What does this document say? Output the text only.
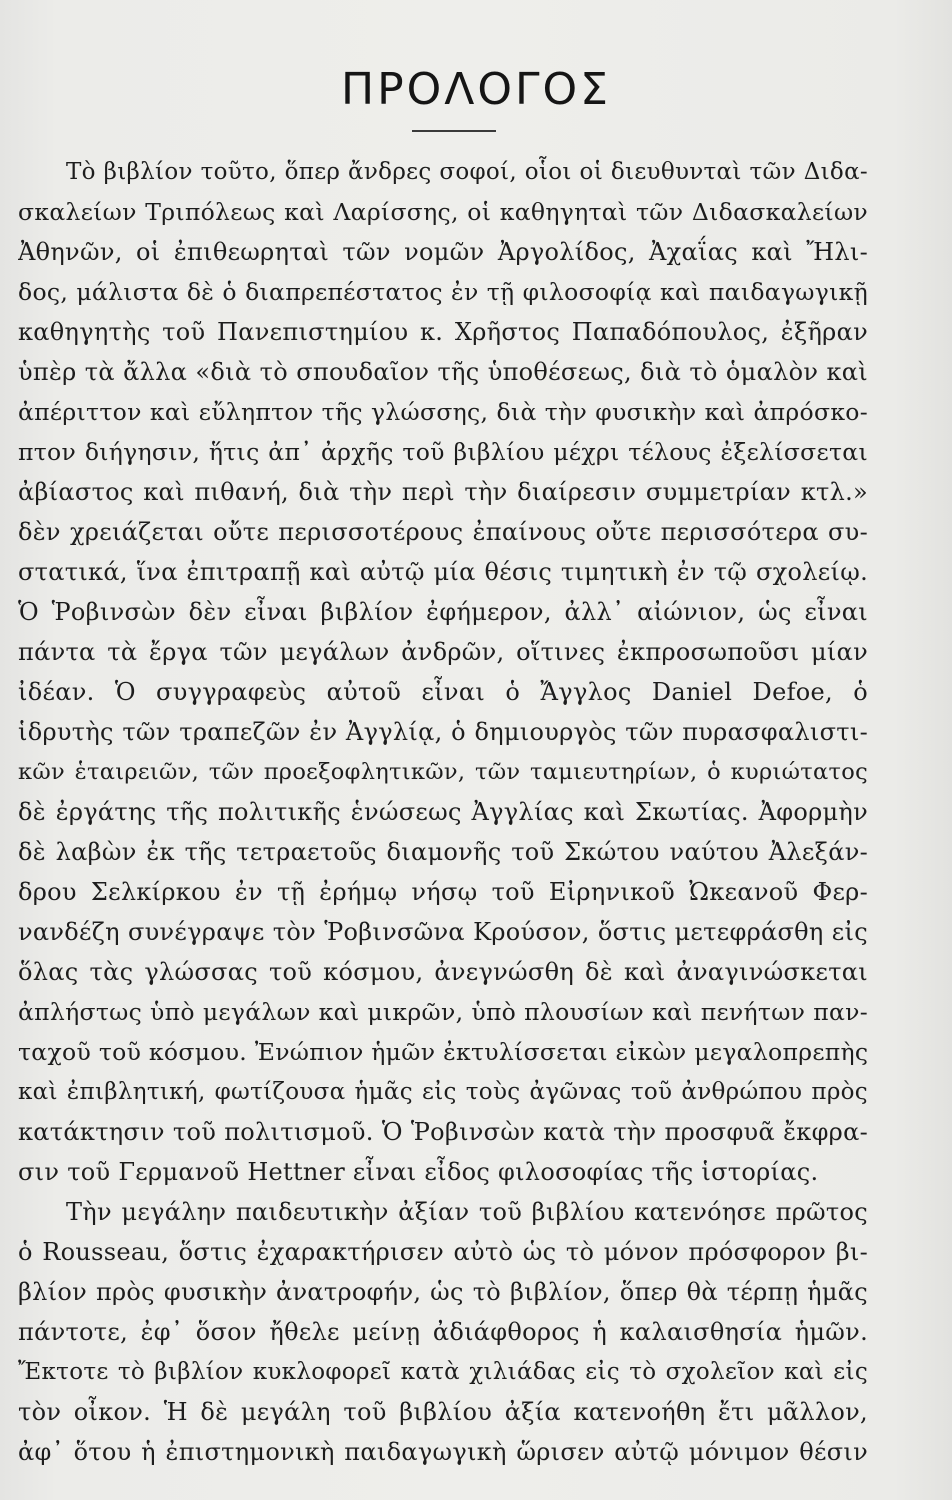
ΠΡΟΛΟΓΟΣ
Τὸ βιβλίον τοῦτο, ὅπερ ἄνδρες σοφοί, οἷοι οἱ διευθυνταὶ τῶν Διδα-
σκαλείων Τριπόλεως καὶ Λαρίσσης, οἱ καθηγηταὶ τῶν Διδασκαλείων
Ἀθηνῶν, οἱ ἐπιθεωρηταὶ τῶν νομῶν Ἀργολίδος, Ἀχαΐας καὶ Ἤλι-
δος, μάλιστα δὲ ὁ διαπρεπέστατος ἐν τῇ φιλοσοφίᾳ καὶ παιδαγωγικῇ
καθηγητὴς τοῦ Πανεπιστημίου κ. Χρῆστος Παπαδόπουλος, ἐξῆραν
ὑπὲρ τὰ ἄλλα «διὰ τὸ σπουδαῖον τῆς ὑποθέσεως, διὰ τὸ ὁμαλὸν καὶ
ἀπέριττον καὶ εὔληπτον τῆς γλώσσης, διὰ τὴν φυσικὴν καὶ ἀπρόσκο-
πτον διήγησιν, ἥτις ἀπ᾽ ἀρχῆς τοῦ βιβλίου μέχρι τέλους ἐξελίσσεται
ἀβίαστος καὶ πιθανή, διὰ τὴν περὶ τὴν διαίρεσιν συμμετρίαν κτλ.»
δὲν χρειάζεται οὔτε περισσοτέρους ἐπαίνους οὔτε περισσότερα συ-
στατικά, ἵνα ἐπιτραπῇ καὶ αὐτῷ μία θέσις τιμητικὴ ἐν τῷ σχολείῳ.
Ὁ Ῥοβινσὼν δὲν εἶναι βιβλίον ἐφήμερον, ἀλλ᾽ αἰώνιον, ὡς εἶναι
πάντα τὰ ἔργα τῶν μεγάλων ἀνδρῶν, οἵτινες ἐκπροσωποῦσι μίαν
ἰδέαν. Ὁ συγγραφεὺς αὐτοῦ εἶναι ὁ Ἄγγλος Daniel Defoe, ὁ
ἱδρυτὴς τῶν τραπεζῶν ἐν Ἀγγλίᾳ, ὁ δημιουργὸς τῶν πυρασφαλιστι-
κῶν ἑταιρειῶν, τῶν προεξοφλητικῶν, τῶν ταμιευτηρίων, ὁ κυριώτατος
δὲ ἐργάτης τῆς πολιτικῆς ἑνώσεως Ἀγγλίας καὶ Σκωτίας. Ἀφορμὴν
δὲ λαβὼν ἐκ τῆς τετραετοῦς διαμονῆς τοῦ Σκώτου ναύτου Ἀλεξάν-
δρου Σελκίρκου ἐν τῇ ἐρήμῳ νήσῳ τοῦ Εἰρηνικοῦ Ὠκεανοῦ Φερ-
νανδέζη συνέγραψε τὸν Ῥοβινσῶνα Κρούσον, ὅστις μετεφράσθη εἰς
ὅλας τὰς γλώσσας τοῦ κόσμου, ἀνεγνώσθη δὲ καὶ ἀναγινώσκεται
ἀπλήστως ὑπὸ μεγάλων καὶ μικρῶν, ὑπὸ πλουσίων καὶ πενήτων παν-
ταχοῦ τοῦ κόσμου. Ἐνώπιον ἡμῶν ἐκτυλίσσεται εἰκὼν μεγαλοπρεπὴς
καὶ ἐπιβλητική, φωτίζουσα ἡμᾶς εἰς τοὺς ἀγῶνας τοῦ ἀνθρώπου πρὸς
κατάκτησιν τοῦ πολιτισμοῦ. Ὁ Ῥοβινσὼν κατὰ τὴν προσφυᾶ ἔκφρα-
σιν τοῦ Γερμανοῦ Hettner εἶναι εἶδος φιλοσοφίας τῆς ἱστορίας.
Τὴν μεγάλην παιδευτικὴν ἀξίαν τοῦ βιβλίου κατενόησε πρῶτος
ὁ Rousseau, ὅστις ἐχαρακτήρισεν αὐτὸ ὡς τὸ μόνον πρόσφορον βι-
βλίον πρὸς φυσικὴν ἀνατροφήν, ὡς τὸ βιβλίον, ὅπερ θὰ τέρπῃ ἡμᾶς
πάντοτε, ἐφ᾽ ὅσον ἤθελε μείνῃ ἀδιάφθορος ἡ καλαισθησία ἡμῶν.
Ἔκτοτε τὸ βιβλίον κυκλοφορεῖ κατὰ χιλιάδας εἰς τὸ σχολεῖον καὶ εἰς
τὸν οἶκον. Ἡ δὲ μεγάλη τοῦ βιβλίου ἀξία κατενοήθη ἔτι μᾶλλον,
ἀφ᾽ ὅτου ἡ ἐπιστημονικὴ παιδαγωγικὴ ὥρισεν αὐτῷ μόνιμον θέσιν
